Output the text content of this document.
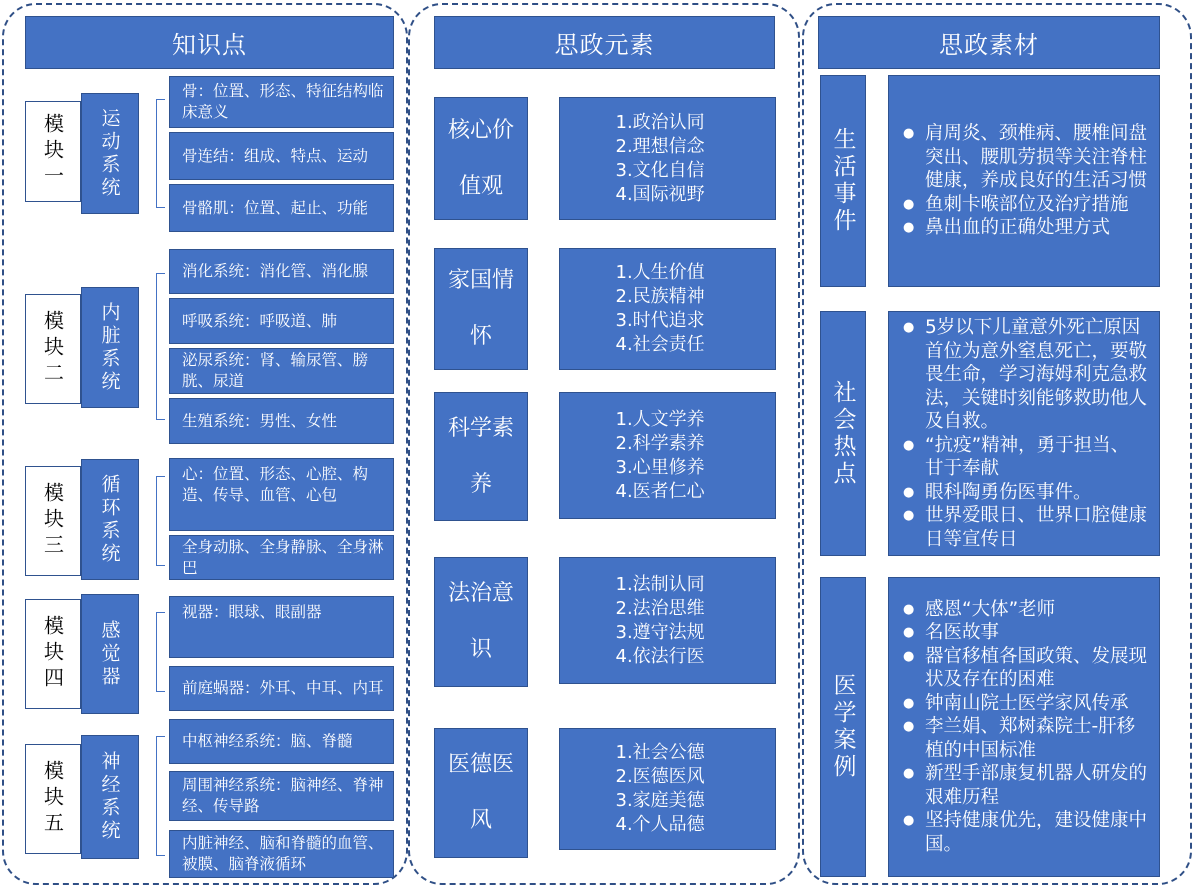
知识点	思政元素	思政素材
模块一	运动系统
骨：位置、形态、特征结构临床意义
骨连结：组成、特点、运动
骨骼肌：位置、起止、功能
模块二	内脏系统
消化系统：消化管、消化腺
呼吸系统：呼吸道、肺
泌尿系统：肾、输尿管、膀胱、尿道
生殖系统：男性、女性
模块三	循环系统	心：位置、形态、心腔、构造、传导、血管、心包
全身动脉、全身静脉、全身淋巴
模块四	感觉器
视器：眼球、眼副器
前庭蜗器：外耳、中耳、内耳
模块五	神经系统
中枢神经系统：脑、脊髓
周围神经系统：脑神经、脊神经、传导路
内脏神经、脑和脊髓的血管、被膜、脑脊液循环
核心价值观
1.政治认同
2.理想信念
3.文化自信
4.国际视野
家国情怀
1.人生价值
2.民族精神
3.时代追求
4.社会责任
科学素养
1.人文学养
2.科学素养
3.心里修养
4.医者仁心
法治意识
1.法制认同
2.法治思维
3.遵守法规
4.依法行医
医德医风
1.社会公德
2.医德医风
3.家庭美德
4.个人品德
生活事件
●	肩周炎、颈椎病、腰椎间盘突出、腰肌劳损等关注脊柱健康，养成良好的生活习惯
● 鱼刺卡喉部位及治疗措施
● 鼻出血的正确处理方式
社会热点
● 5岁以下儿童意外死亡原因首位为意外窒息死亡，要敬畏生命，学习海姆利克急救法，关键时刻能够救助他人及自救。
● “抗疫”精神，勇于担当、甘于奉献
● 眼科陶勇伤医事件。
● 世界爱眼日、世界口腔健康日等宣传日
医学案例
● 感恩“大体”老师
● 名医故事
● 器官移植各国政策、发展现状及存在的困难
● 钟南山院士医学家风传承
● 李兰娟、郑树森院士-肝移植的中国标准
● 新型手部康复机器人研发的艰难历程
● 坚持健康优先，建设健康中国。
